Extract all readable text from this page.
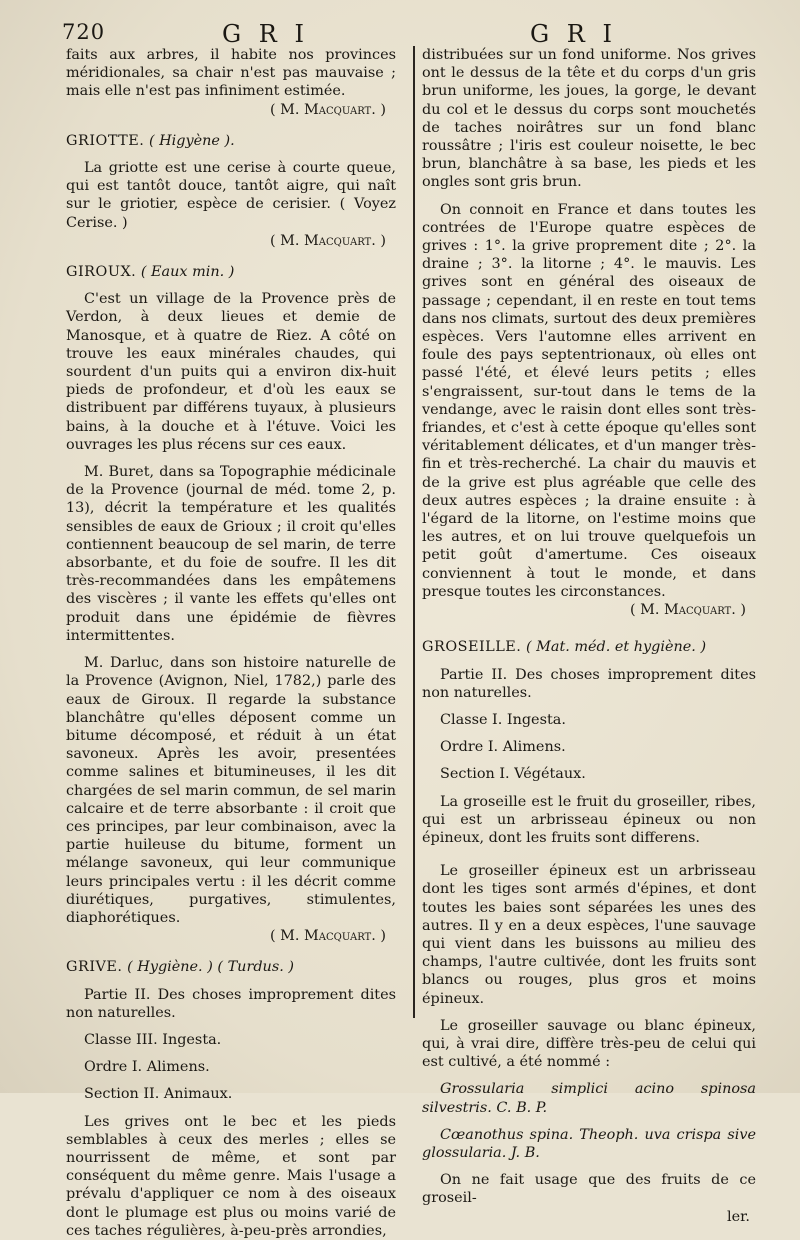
720	G R I	G R I

faits aux arbres, il habite nos provinces méridionales, sa chair n'est pas mauvaise ; mais elle n'est pas infiniment estimée.

( M. Macquart. )

GRIOTTE. ( Higyène ).

La griotte est une cerise à courte queue, qui est tantôt douce, tantôt aigre, qui naît sur le griotier, espèce de cerisier. ( Voyez Cerise. )

( M. Macquart. )

GIROUX. ( Eaux min. )

C'est un village de la Provence près de Verdon, à deux lieues et demie de Manosque, et à quatre de Riez. A côté on trouve les eaux minérales chaudes, qui sourdent d'un puits qui a environ dix-huit pieds de profondeur, et d'où les eaux se distribuent par différens tuyaux, à plusieurs bains, à la douche et à l'étuve. Voici les ouvrages les plus récens sur ces eaux.

M. Buret, dans sa Topographie médicinale de la Provence (journal de méd. tome 2, p. 13), décrit la température et les qualités sensibles de eaux de Grioux ; il croit qu'elles contiennent beaucoup de sel marin, de terre absorbante, et du foie de soufre. Il les dit très-recommandées dans les empâtemens des viscères ; il vante les effets qu'elles ont produit dans une épidémie de fièvres intermittentes.

M. Darluc, dans son histoire naturelle de la Provence (Avignon, Niel, 1782,) parle des eaux de Giroux. Il regarde la substance blanchâtre qu'elles déposent comme un bitume décomposé, et réduit à un état savoneux. Après les avoir, presentées comme salines et bitumineuses, il les dit chargées de sel marin commun, de sel marin calcaire et de terre absorbante : il croit que ces principes, par leur combinaison, avec la partie huileuse du bitume, forment un mélange savoneux, qui leur communique leurs principales vertu : il les décrit comme diurétiques, purgatives, stimulentes, diaphorétiques.

( M. Macquart. )

GRIVE. ( Hygiène. ) ( Turdus. )

Partie II. Des choses improprement dites non naturelles.

Classe III. Ingesta.

Ordre I. Alimens.

Section II. Animaux.

Les grives ont le bec et les pieds semblables à ceux des merles ; elles se nourrissent de même, et sont par conséquent du même genre. Mais l'usage a prévalu d'appliquer ce nom à des oiseaux dont le plumage est plus ou moins varié de ces taches régulières, à-peu-près arrondies,

distribuées sur un fond uniforme. Nos grives ont le dessus de la tête et du corps d'un gris brun uniforme, les joues, la gorge, le devant du col et le dessus du corps sont mouchetés de taches noirâtres sur un fond blanc roussâtre ; l'iris est couleur noisette, le bec brun, blanchâtre à sa base, les pieds et les ongles sont gris brun.

On connoit en France et dans toutes les contrées de l'Europe quatre espèces de grives : 1°. la grive proprement dite ; 2°. la draine ; 3°. la litorne ; 4°. le mauvis. Les grives sont en général des oiseaux de passage ; cependant, il en reste en tout tems dans nos climats, surtout des deux premières espèces. Vers l'automne elles arrivent en foule des pays septentrionaux, où elles ont passé l'été, et élevé leurs petits ; elles s'engraissent, sur-tout dans le tems de la vendange, avec le raisin dont elles sont très-friandes, et c'est à cette époque qu'elles sont véritablement délicates, et d'un manger très-fin et très-recherché. La chair du mauvis et de la grive est plus agréable que celle des deux autres espèces ; la draine ensuite : à l'égard de la litorne, on l'estime moins que les autres, et on lui trouve quelquefois un petit goût d'amertume. Ces oiseaux conviennent à tout le monde, et dans presque toutes les circonstances.

( M. Macquart. )

GROSEILLE. ( Mat. méd. et hygiène. )

Partie II. Des choses improprement dites non naturelles.

Classe I. Ingesta.

Ordre I. Alimens.

Section I. Végétaux.

La groseille est le fruit du groseiller, ribes, qui est un arbrisseau épineux ou non épineux, dont les fruits sont differens.

Le groseiller épineux est un arbrisseau dont les tiges sont armés d'épines, et dont toutes les baies sont séparées les unes des autres. Il y en a deux espèces, l'une sauvage qui vient dans les buissons au milieu des champs, l'autre cultivée, dont les fruits sont blancs ou rouges, plus gros et moins épineux.

Le groseiller sauvage ou blanc épineux, qui, à vrai dire, diffère très-peu de celui qui est cultivé, a été nommé :

Grossularia simplici acino spinosa silvestris. C. B. P.

Cœanothus spina. Theoph. uva crispa sive glossularia. J. B.

On ne fait usage que des fruits de ce groseil-

ler.
